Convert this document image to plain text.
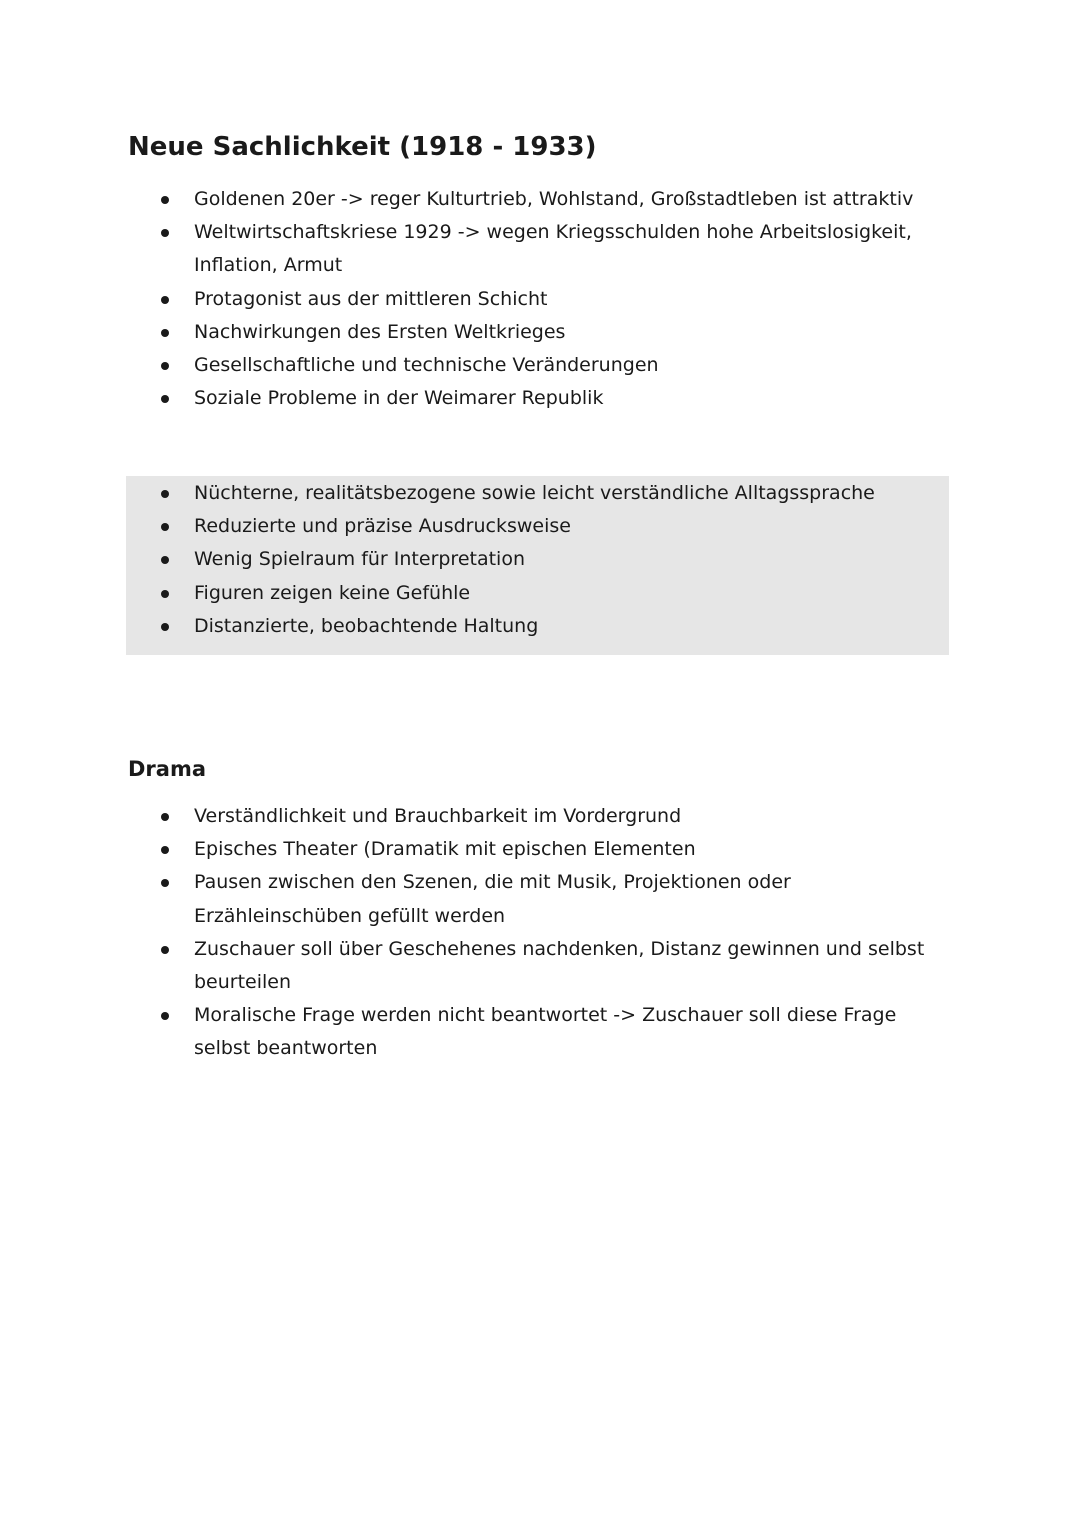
Neue Sachlichkeit (1918 - 1933)
Goldenen 20er -> reger Kulturtrieb, Wohlstand, Großstadtleben ist attraktiv
Weltwirtschaftskriese 1929 -> wegen Kriegsschulden hohe Arbeitslosigkeit, Inflation, Armut
Protagonist aus der mittleren Schicht
Nachwirkungen des Ersten Weltkrieges
Gesellschaftliche und technische Veränderungen
Soziale Probleme in der Weimarer Republik
Nüchterne, realitätsbezogene sowie leicht verständliche Alltagssprache
Reduzierte und präzise Ausdrucksweise
Wenig Spielraum für Interpretation
Figuren zeigen keine Gefühle
Distanzierte, beobachtende Haltung
Drama
Verständlichkeit und Brauchbarkeit im Vordergrund
Episches Theater (Dramatik mit epischen Elementen
Pausen zwischen den Szenen, die mit Musik, Projektionen oder Erzähleinschüben gefüllt werden
Zuschauer soll über Geschehenes nachdenken, Distanz gewinnen und selbst beurteilen
Moralische Frage werden nicht beantwortet -> Zuschauer soll diese Frage selbst beantworten
